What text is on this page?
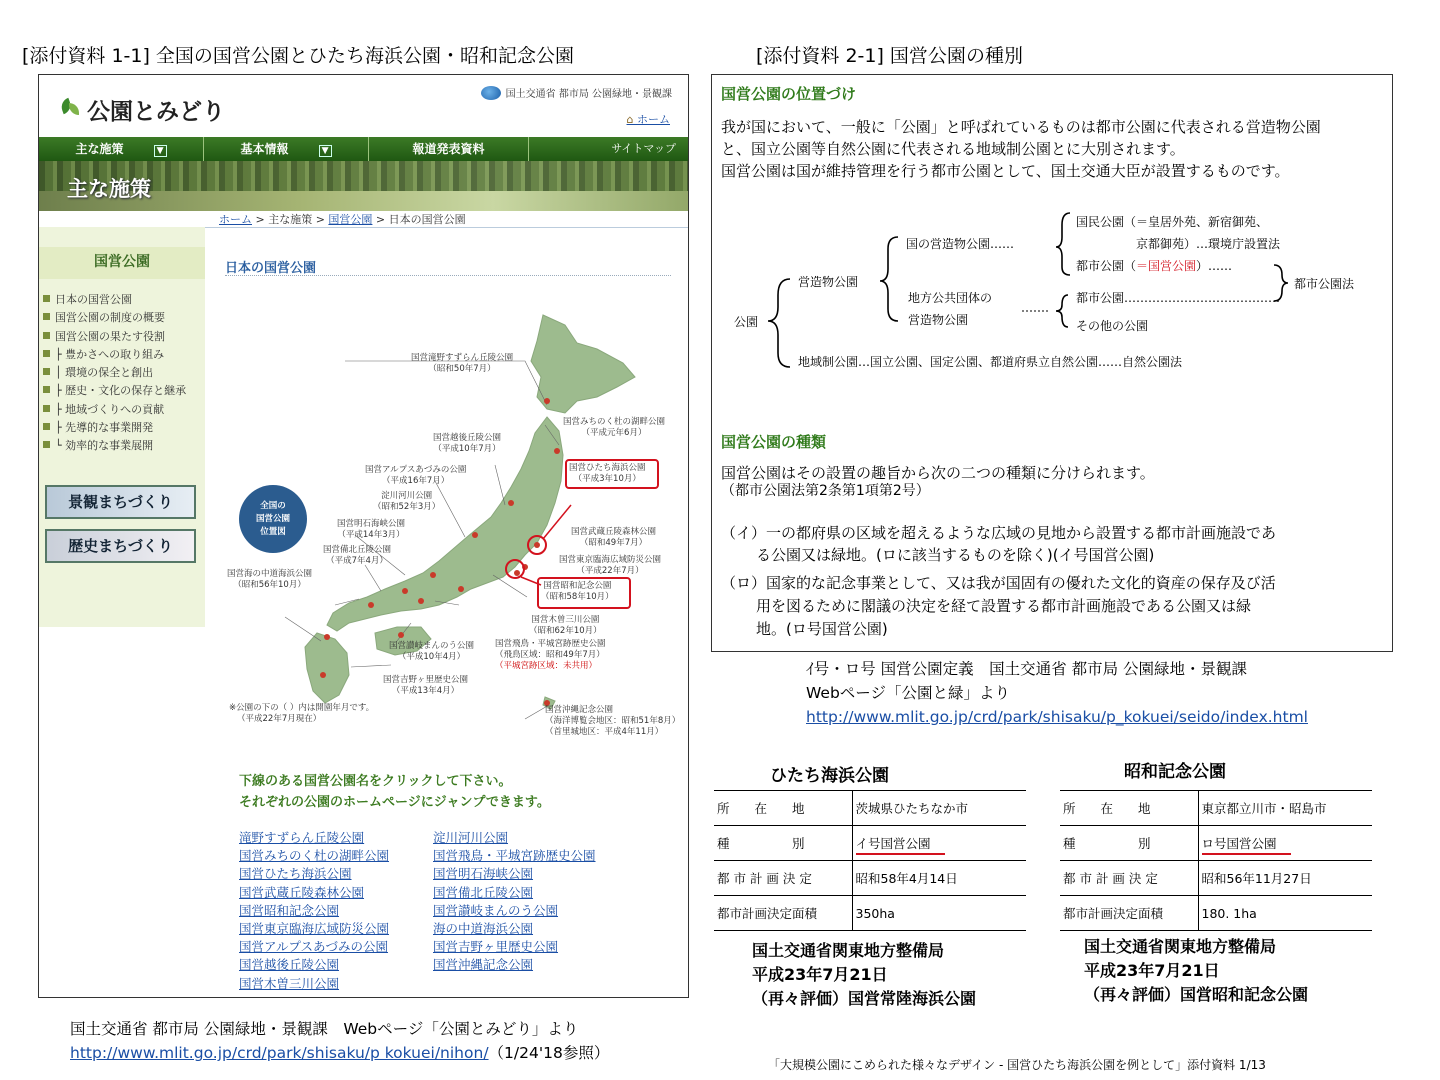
[添付資料 1-1] 全国の国営公園とひたち海浜公園・昭和記念公園	[添付資料 2-1] 国営公園の種別
公園とみどり
国土交通省 都市局 公園緑地・景観課
⌂ ホーム
主な施策	▼	基本情報	▼	報道発表資料	サイトマップ
主な施策
ホーム > 主な施策 > 国営公園 > 日本の国営公園
国営公園
日本の国営公園
国営公園の制度の概要
国営公園の果たす役割
├ 豊かさへの取り組み
│ 環境の保全と創出
├ 歴史・文化の保存と継承
├ 地域づくりへの貢献
├ 先導的な事業開発
└ 効率的な事業展開
景観まちづくり
歴史まちづくり
日本の国営公園
全国の
国営公園
位置図
国営滝野すずらん丘陵公園
（昭和50年7月）
国営みちのく杜の湖畔公園
（平成元年6月）
国営越後丘陵公園
（平成10年7月）
国営アルプスあづみの公園
（平成16年7月）
国営ひたち海浜公園
（平成3年10月）
淀川河川公園
（昭和52年3月）
国営明石海峡公園
（平成14年3月）	国営武蔵丘陵森林公園
（昭和49年7月）
国営備北丘陵公園
（平成7年4月）	国営東京臨海広域防災公園
（平成22年7月）
国営海の中道海浜公園
（昭和56年10月）	国営昭和記念公園
（昭和58年10月）
国営木曽三川公園
（昭和62年10月）
国営讃岐まんのう公園
（平成10年4月）
国営飛鳥・平城宮跡歴史公園
（飛鳥区域：昭和49年7月）
（平城宮跡区域：未共用）
国営吉野ヶ里歴史公園
（平成13年4月）
国営沖縄記念公園
（海洋博覧会地区：昭和51年8月）
（首里城地区：平成4年11月）
※公園の下の（ ）内は開園年月です。
（平成22年7月現在）
下線のある国営公園名をクリックして下さい。
それぞれの公園のホームページにジャンプできます。
滝野すずらん丘陵公園	淀川河川公園
国営みちのく杜の湖畔公園	国営飛鳥・平城宮跡歴史公園
国営ひたち海浜公園	国営明石海峡公園
国営武蔵丘陵森林公園	国営備北丘陵公園
国営昭和記念公園	国営讃岐まんのう公園
国営東京臨海広域防災公園	海の中道海浜公園
国営アルプスあづみの公園	国営吉野ヶ里歴史公園
国営越後丘陵公園	国営沖縄記念公園
国営木曽三川公園
国土交通省 都市局 公園緑地・景観課　Webページ「公園とみどり」より
http://www.mlit.go.jp/crd/park/shisaku/p kokuei/nihon/（1/24'18参照）
国営公園の位置づけ
我が国において、一般に「公園」と呼ばれているものは都市公園に代表される営造物公園
と、国立公園等自然公園に代表される地域制公園とに大別されます。
国営公園は国が維持管理を行う都市公園として、国土交通大臣が設置するものです。
公園
営造物公園
国の営造物公園……
国民公園（＝皇居外苑、新宿御苑、
京都御苑）…環境庁設置法
都市公園（＝国営公園）……
都市公園法
地方公共団体の
営造物公園
都市公園…………………………………
その他の公園
地域制公園…国立公園、国定公園、都道府県立自然公園……自然公園法
国営公園の種類
国営公園はその設置の趣旨から次の二つの種類に分けられます。
（都市公園法第2条第1項第2号）
（イ）一の都府県の区域を超えるような広域の見地から設置する都市計画施設であ
る公園又は緑地。(ロに該当するものを除く)(イ号国営公園)
（ロ）国家的な記念事業として、又は我が国固有の優れた文化的資産の保存及び活
用を図るために閣議の決定を経て設置する都市計画施設である公園又は緑
地。(ロ号国営公園)
ｲ号・ロ号 国営公園定義　国土交通省 都市局 公園緑地・景観課
Webページ「公園と緑」より
http://www.mlit.go.jp/crd/park/shisaku/p_kokuei/seido/index.html
ひたち海浜公園
所　　在　　地	茨城県ひたちなか市
種　　　　　別	イ号国営公園
都 市 計 画 決 定	昭和58年4月14日
都市計画決定面積	350ha
国土交通省関東地方整備局
平成23年7月21日
（再々評価）国営常陸海浜公園
昭和記念公園
所　　在　　地	東京都立川市・昭島市
種　　　　　別	ロ号国営公園
都 市 計 画 決 定	昭和56年11月27日
都市計画決定面積	180. 1ha
国土交通省関東地方整備局
平成23年7月21日
（再々評価）国営昭和記念公園
「大規模公園にこめられた様々なデザイン - 国営ひたち海浜公園を例として」添付資料 1/13
